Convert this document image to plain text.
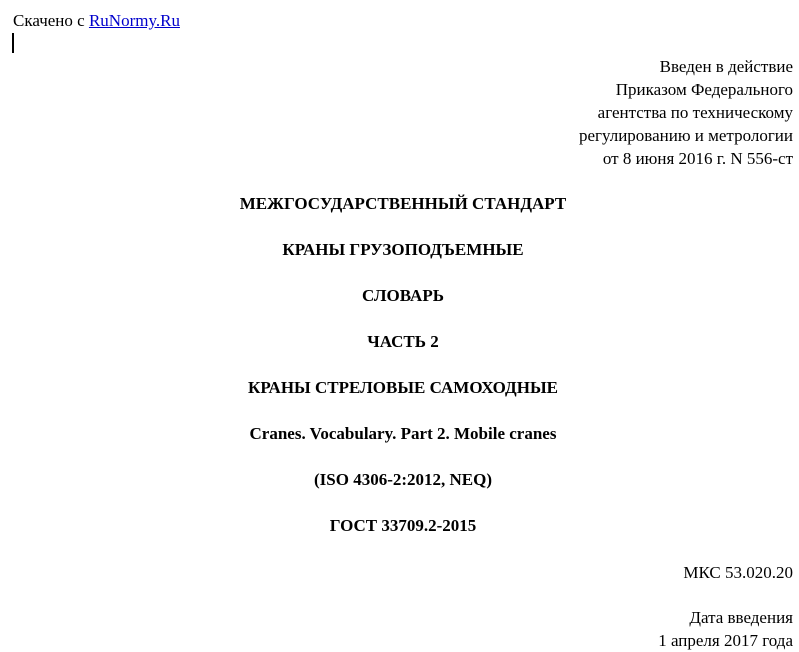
Скачено с RuNormy.Ru
Введен в действие
Приказом Федерального
агентства по техническому
регулированию и метрологии
от 8 июня 2016 г. N 556-ст
МЕЖГОСУДАРСТВЕННЫЙ СТАНДАРТ
КРАНЫ ГРУЗОПОДЪЕМНЫЕ
СЛОВАРЬ
ЧАСТЬ 2
КРАНЫ СТРЕЛОВЫЕ САМОХОДНЫЕ
Cranes. Vocabulary. Part 2. Mobile cranes
(ISO 4306-2:2012, NEQ)
ГОСТ 33709.2-2015
МКС 53.020.20
Дата введения
1 апреля 2017 года
